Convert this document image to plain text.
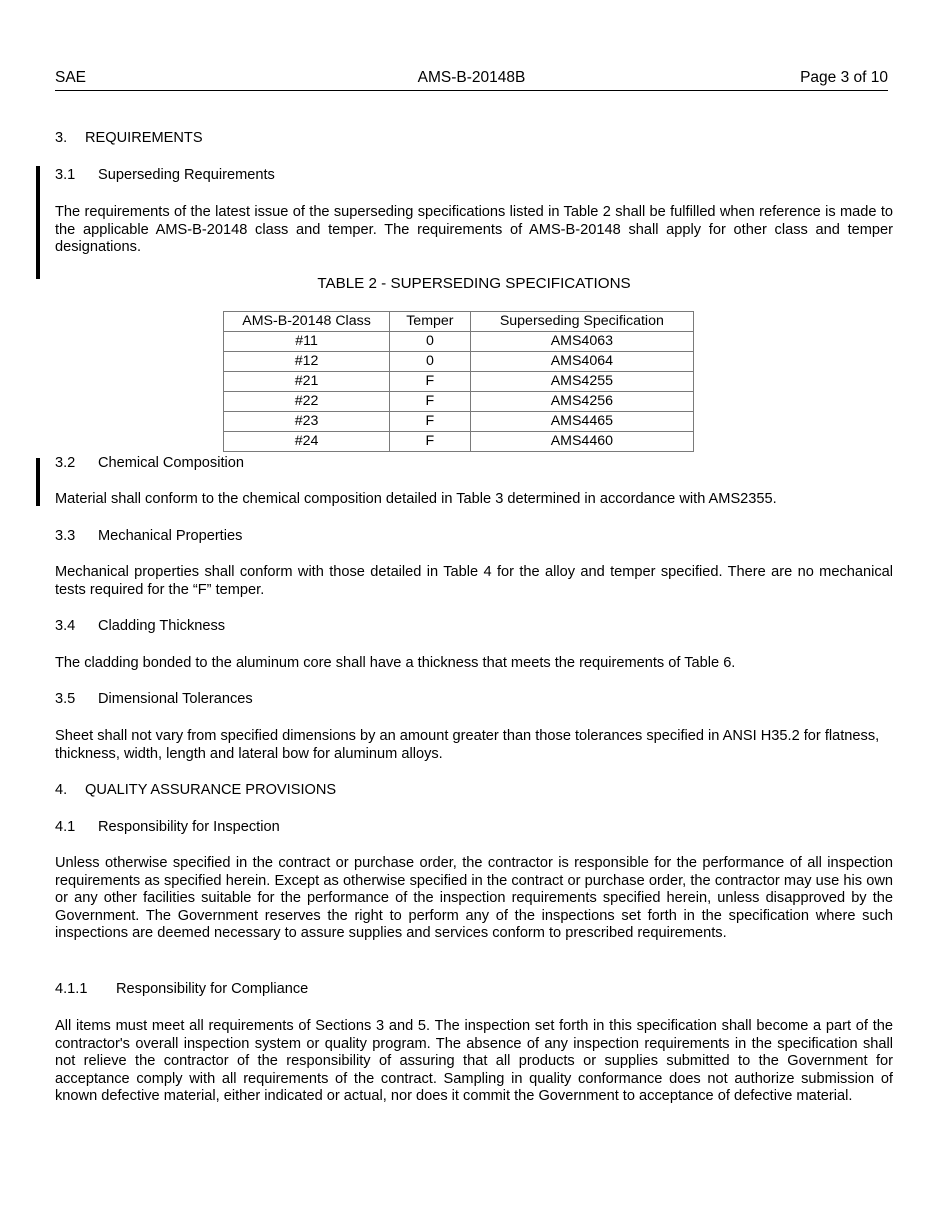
SAE	AMS-B-20148B	Page 3 of 10
3. REQUIREMENTS
3.1 Superseding Requirements
The requirements of the latest issue of the superseding specifications listed in Table 2 shall be fulfilled when reference is made to the applicable AMS-B-20148 class and temper. The requirements of AMS-B-20148 shall apply for other class and temper designations.
TABLE 2 - SUPERSEDING SPECIFICATIONS
AMS-B-20148 Class	Temper	Superseding Specification
#11	0	AMS4063
#12	0	AMS4064
#21	F	AMS4255
#22	F	AMS4256
#23	F	AMS4465
#24	F	AMS4460
3.2 Chemical Composition
Material shall conform to the chemical composition detailed in Table 3 determined in accordance with AMS2355.
3.3 Mechanical Properties
Mechanical properties shall conform with those detailed in Table 4 for the alloy and temper specified. There are no mechanical tests required for the “F” temper.
3.4 Cladding Thickness
The cladding bonded to the aluminum core shall have a thickness that meets the requirements of Table 6.
3.5 Dimensional Tolerances
Sheet shall not vary from specified dimensions by an amount greater than those tolerances specified in ANSI H35.2 for flatness, thickness, width, length and lateral bow for aluminum alloys.
4. QUALITY ASSURANCE PROVISIONS
4.1 Responsibility for Inspection
Unless otherwise specified in the contract or purchase order, the contractor is responsible for the performance of all inspection requirements as specified herein. Except as otherwise specified in the contract or purchase order, the contractor may use his own or any other facilities suitable for the performance of the inspection requirements specified herein, unless disapproved by the Government. The Government reserves the right to perform any of the inspections set forth in the specification where such inspections are deemed necessary to assure supplies and services conform to prescribed requirements.
4.1.1 Responsibility for Compliance
All items must meet all requirements of Sections 3 and 5. The inspection set forth in this specification shall become a part of the contractor's overall inspection system or quality program. The absence of any inspection requirements in the specification shall not relieve the contractor of the responsibility of assuring that all products or supplies submitted to the Government for acceptance comply with all requirements of the contract. Sampling in quality conformance does not authorize submission of known defective material, either indicated or actual, nor does it commit the Government to acceptance of defective material.
